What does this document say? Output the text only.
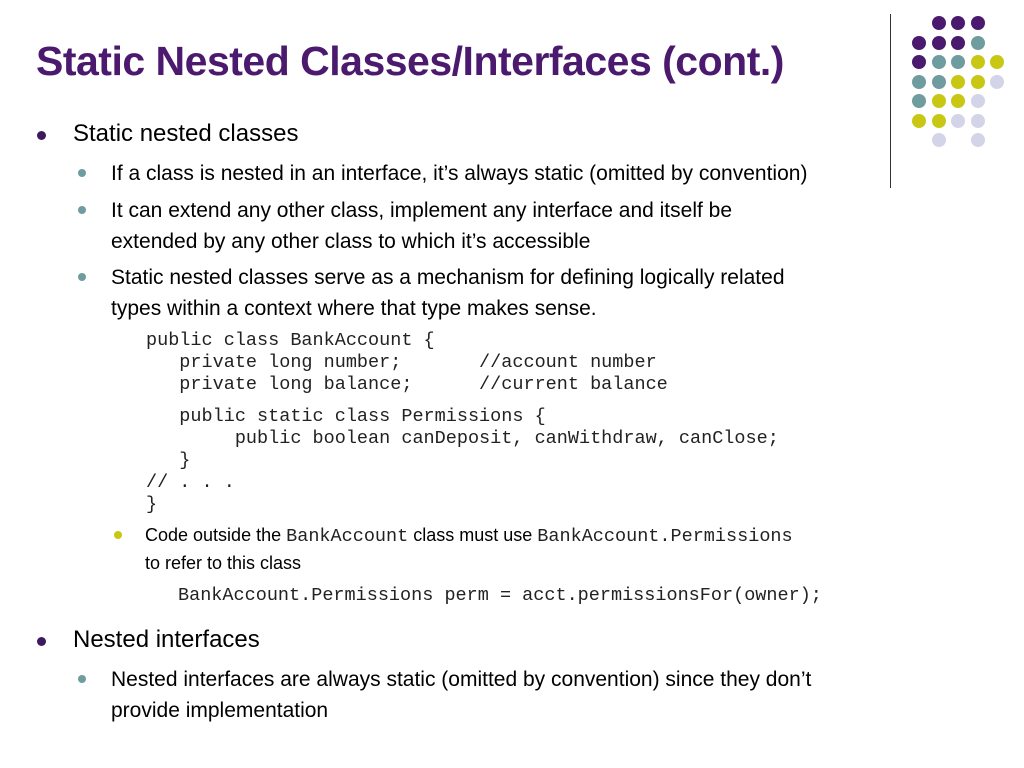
Static Nested Classes/Interfaces (cont.)
Static nested classes
If a class is nested in an interface, it’s always static (omitted by convention)
It can extend any other class, implement any interface and itself be
extended by any other class to which it’s accessible
Static nested classes serve as a mechanism for defining logically related
types within a context where that type makes sense.
public class BankAccount {
private long number;       //account number
private long balance;      //current balance
public static class Permissions {
public boolean canDeposit, canWithdraw, canClose;
}
// . . .
}
Code outside the BankAccount class must use BankAccount.Permissions
to refer to this class
BankAccount.Permissions perm = acct.permissionsFor(owner);
Nested interfaces
Nested interfaces are always static (omitted by convention) since they don’t
provide implementation
